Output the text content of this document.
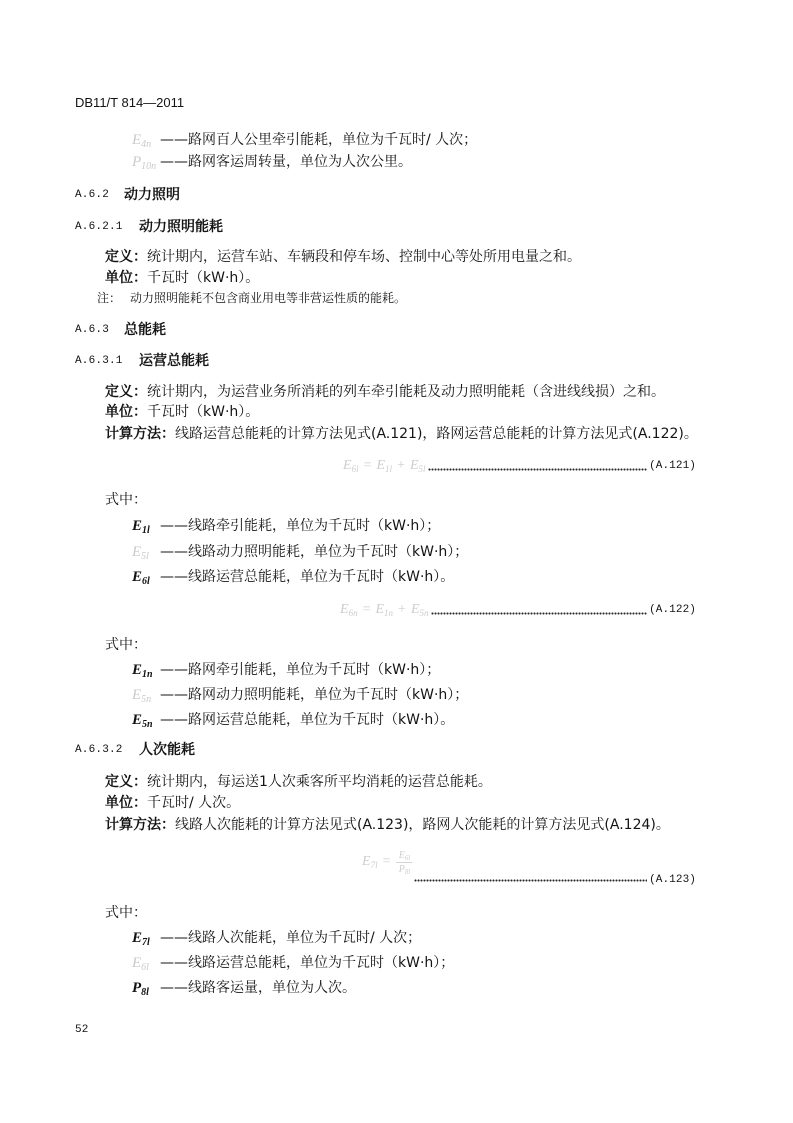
DB11/T 814—2011
$E_{4n}$ ——路网百人公里牵引能耗，单位为千瓦时/ 人次；
$P_{10n}$ ——路网客运周转量，单位为人次公里。
A.6.2 动力照明
A.6.2.1 动力照明能耗
定义：统计期内，运营车站、车辆段和停车场、控制中心等处所用电量之和。
单位：千瓦时（kW·h）。
注： 动力照明能耗不包含商业用电等非营运性质的能耗。
A.6.3 总能耗
A.6.3.1 运营总能耗
定义：统计期内，为运营业务所消耗的列车牵引能耗及动力照明能耗（含进线线损）之和。
单位：千瓦时（kW·h）。
计算方法：线路运营总能耗的计算方法见式(A.121)，路网运营总能耗的计算方法见式(A.122)。
$E_{6l} = E_{1l} + E_{5l}$	(A.121)
式中：
$E_{1l}$ ——线路牵引能耗，单位为千瓦时（kW·h）；
$E_{5l}$ ——线路动力照明能耗，单位为千瓦时（kW·h）；
$E_{6l}$ ——线路运营总能耗，单位为千瓦时（kW·h）。
$E_{6n} = E_{1n} + E_{5n}$	(A.122)
式中：
$E_{1n}$ ——路网牵引能耗，单位为千瓦时（kW·h）；
$E_{5n}$ ——路网动力照明能耗，单位为千瓦时（kW·h）；
$E_{5n}$ ——路网运营总能耗，单位为千瓦时（kW·h）。
A.6.3.2 人次能耗
定义：统计期内，每运送1人次乘客所平均消耗的运营总能耗。
单位：千瓦时/ 人次。
计算方法：线路人次能耗的计算方法见式(A.123)，路网人次能耗的计算方法见式(A.124)。
$E_{7l} = \frac{E_{6l}}{P_{8l}}$
(A.123)
式中：
$E_{7l}$ ——线路人次能耗，单位为千瓦时/ 人次；
$E_{6l}$ ——线路运营总能耗，单位为千瓦时（kW·h）；
$P_{8l}$ ——线路客运量，单位为人次。
52
